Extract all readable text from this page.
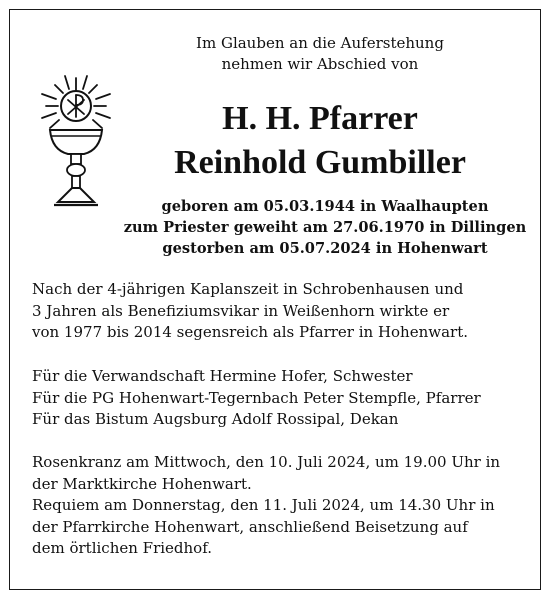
Im Glauben an die Auferstehung
nehmen wir Abschied von
H. H. Pfarrer
Reinhold Gumbiller
geboren am 05.03.1944 in Waalhaupten
zum Priester geweiht am 27.06.1970 in Dillingen
gestorben am 05.07.2024 in Hohenwart
Nach der 4-jährigen Kaplanszeit in Schrobenhausen und
3 Jahren als Benefiziumsvikar in Weißenhorn wirkte er
von 1977 bis 2014 segensreich als Pfarrer in Hohenwart.
Für die Verwandschaft Hermine Hofer, Schwester
Für die PG Hohenwart-Tegernbach Peter Stempfle, Pfarrer
Für das Bistum Augsburg Adolf Rossipal, Dekan
Rosenkranz am Mittwoch, den 10. Juli 2024, um 19.00 Uhr in
der Marktkirche Hohenwart.
Requiem am Donnerstag, den 11. Juli 2024, um 14.30 Uhr in
der Pfarrkirche Hohenwart, anschließend Beisetzung auf
dem örtlichen Friedhof.
